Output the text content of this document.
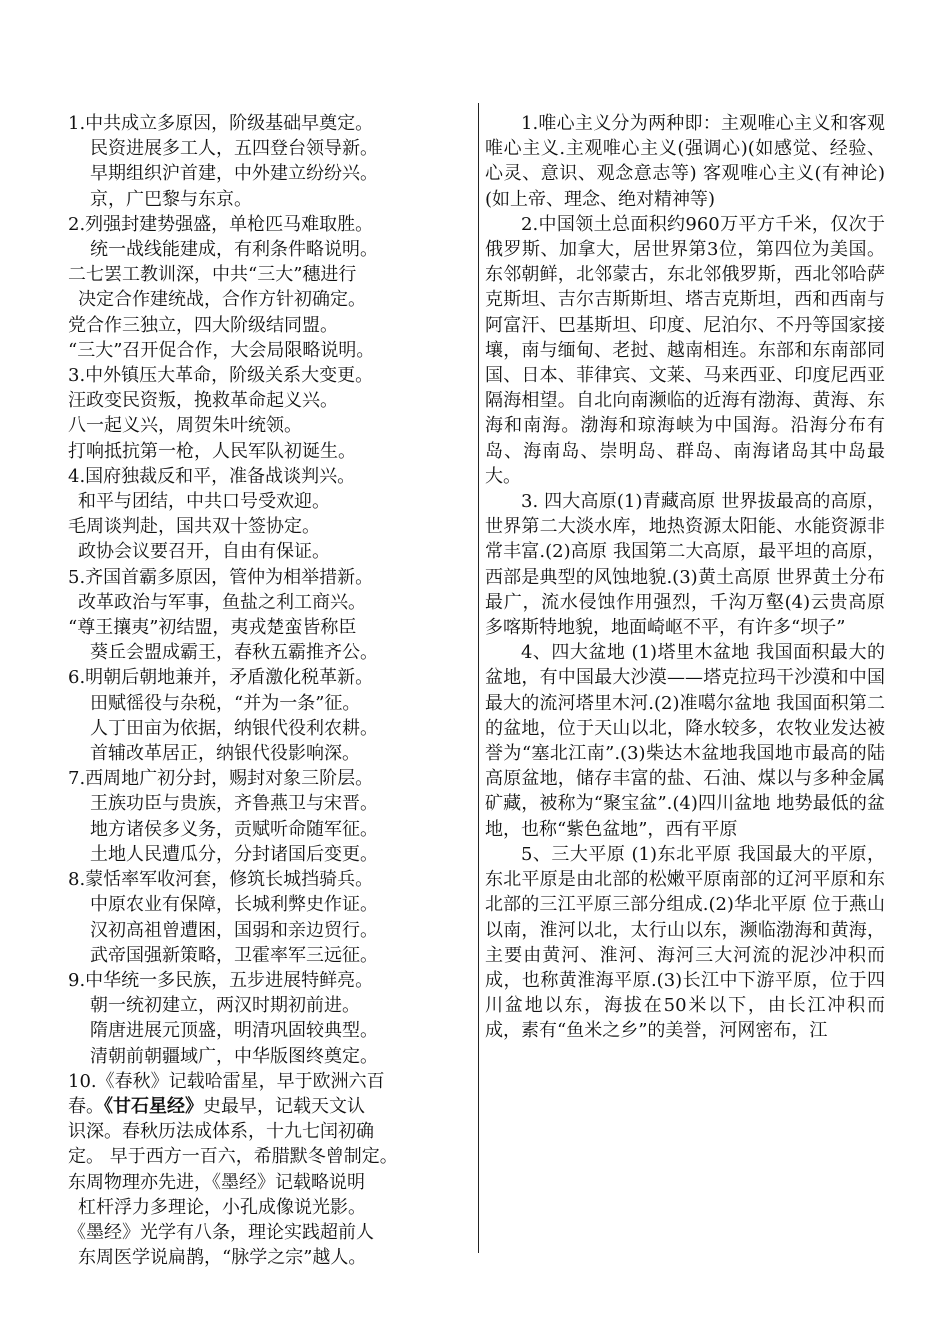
1.中共成立多原因，阶级基础早奠定。
民资进展多工人，五四登台领导新。
早期组织沪首建，中外建立纷纷兴。
京，广巴黎与东京。
2.列强封建势强盛，单枪匹马难取胜。
统一战线能建成，有利条件略说明。
二七罢工教训深，中共“三大”穗进行
决定合作建统战，合作方针初确定。
党合作三独立，四大阶级结同盟。
“三大”召开促合作，大会局限略说明。
3.中外镇压大革命，阶级关系大变更。
汪政变民资叛，挽救革命起义兴。
八一起义兴，周贺朱叶统领。
打响抵抗第一枪，人民军队初诞生。
4.国府独裁反和平，准备战谈判兴。
和平与团结，中共口号受欢迎。
毛周谈判赴，国共双十签协定。
政协会议要召开，自由有保证。
5.齐国首霸多原因，管仲为相举措新。
改革政治与军事，鱼盐之利工商兴。
“尊王攘夷”初结盟，夷戎楚蛮皆称臣
葵丘会盟成霸王，春秋五霸推齐公。
6.明朝后朝地兼并，矛盾激化税革新。
田赋徭役与杂税，“并为一条”征。
人丁田亩为依据，纳银代役利农耕。
首辅改革居正，纳银代役影响深。
7.西周地广初分封，赐封对象三阶层。
王族功臣与贵族，齐鲁燕卫与宋晋。
地方诸侯多义务，贡赋听命随军征。
土地人民遭瓜分，分封诸国后变更。
8.蒙恬率军收河套，修筑长城挡骑兵。
中原农业有保障，长城利弊史作证。
汉初高祖曾遭困，国弱和亲边贸行。
武帝国强新策略，卫霍率军三远征。
9.中华统一多民族，五步进展特鲜亮。
朝一统初建立，两汉时期初前进。
隋唐进展元顶盛，明清巩固较典型。
清朝前朝疆域广，中华版图终奠定。
10.《春秋》记载哈雷星，早于欧洲六百
春。《甘石星经》史最早，记载天文认
识深。春秋历法成体系，十九七闰初确
定。 早于西方一百六，希腊默冬曾制定。
东周物理亦先进，《墨经》记载略说明
杠杆浮力多理论，小孔成像说光影。
《墨经》光学有八条，理论实践超前人
东周医学说扁鹊，“脉学之宗”越人。

1.唯心主义分为两种即：主观唯心主义和客观唯心主义.主观唯心主义(强调心)(如感觉、经验、心灵、意识、观念意志等) 客观唯心主义(有神论)(如上帝、理念、绝对精神等)

2.中国领土总面积约960万平方千米，仅次于俄罗斯、加拿大，居世界第3位，第四位为美国。东邻朝鲜，北邻蒙古，东北邻俄罗斯，西北邻哈萨克斯坦、吉尔吉斯斯坦、塔吉克斯坦，西和西南与阿富汗、巴基斯坦、印度、尼泊尔、不丹等国家接壤，南与缅甸、老挝、越南相连。东部和东南部同国、日本、菲律宾、文莱、马来西亚、印度尼西亚隔海相望。自北向南濒临的近海有渤海、黄海、东海和南海。渤海和琼海峡为中国海。沿海分布有岛、海南岛、崇明岛、群岛、南海诸岛其中岛最大。

3. 四大高原(1)青藏高原 世界拔最高的高原，世界第二大淡水库，地热资源太阳能、水能资源非常丰富.(2)高原 我国第二大高原，最平坦的高原，西部是典型的风蚀地貌.(3)黄土高原 世界黄土分布最广，流水侵蚀作用强烈，千沟万壑(4)云贵高原 多喀斯特地貌，地面崎岖不平，有许多“坝子”

4、四大盆地 (1)塔里木盆地 我国面积最大的盆地，有中国最大沙漠——塔克拉玛干沙漠和中国最大的流河塔里木河.(2)准噶尔盆地 我国面积第二的盆地，位于天山以北，降水较多，农牧业发达被誉为“塞北江南”.(3)柴达木盆地我国地市最高的陆高原盆地，储存丰富的盐、石油、煤以与多种金属矿藏，被称为“聚宝盆”.(4)四川盆地 地势最低的盆地，也称“紫色盆地”，西有平原

5、三大平原 (1)东北平原 我国最大的平原，东北平原是由北部的松嫩平原南部的辽河平原和东北部的三江平原三部分组成.(2)华北平原 位于燕山以南，淮河以北，太行山以东，濒临渤海和黄海，主要由黄河、淮河、海河三大河流的泥沙冲积而成，也称黄淮海平原.(3)长江中下游平原，位于四川盆地以东，海拔在50米以下，由长江冲积而成，素有“鱼米之乡”的美誉，河网密布，江
